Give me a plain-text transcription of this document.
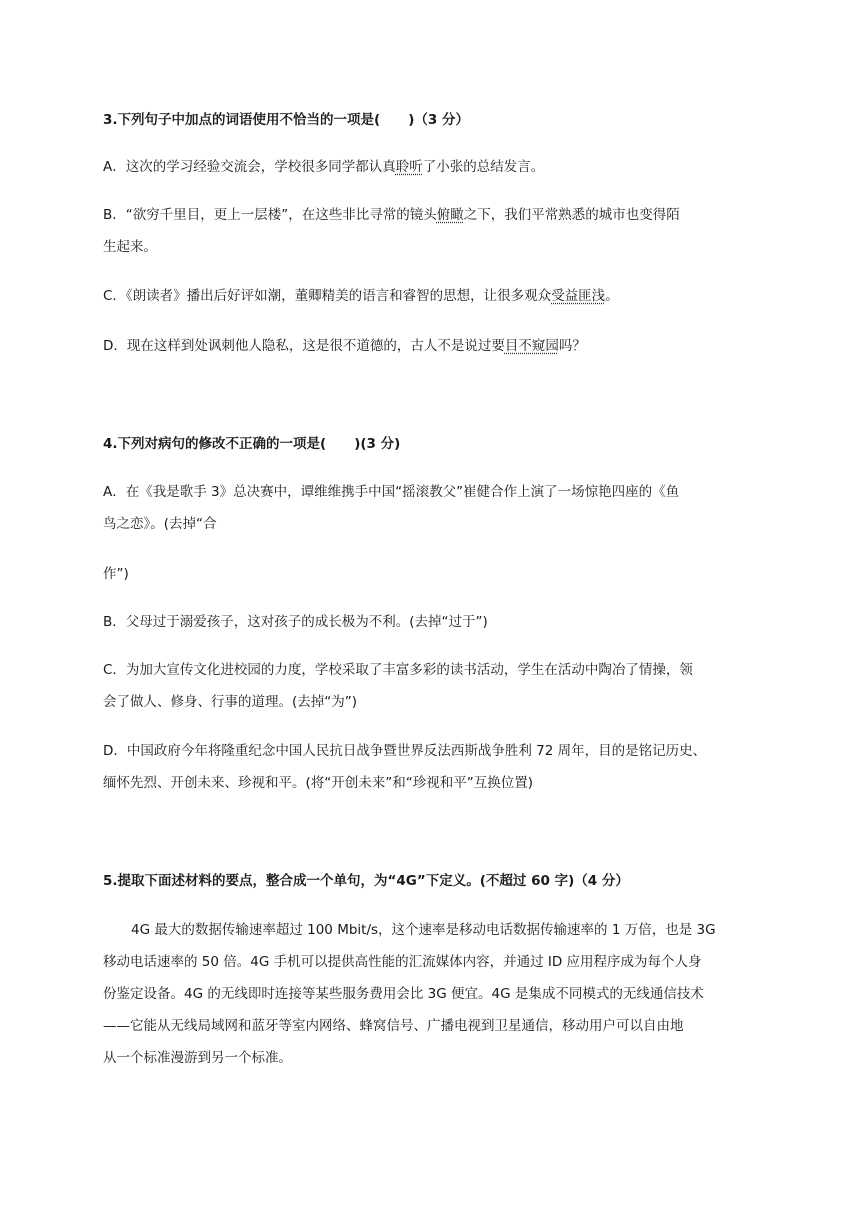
3.下列句子中加点的词语使用不恰当的一项是( )（3 分）
A．这次的学习经验交流会，学校很多同学都认真聆听了小张的总结发言。
B．“欲穷千里目，更上一层楼”，在这些非比寻常的镜头俯瞰之下，我们平常熟悉的城市也变得陌
生起来。
C．《朗读者》播出后好评如潮，董卿精美的语言和睿智的思想，让很多观众受益匪浅。
D．现在这样到处讽刺他人隐私，这是很不道德的，古人不是说过要目不窥园吗？
4.下列对病句的修改不正确的一项是( )(3 分)
A．在《我是歌手 3》总决赛中，谭维维携手中国“摇滚教父”崔健合作上演了一场惊艳四座的《鱼
鸟之恋》。(去掉“合
作”)
B．父母过于溺爱孩子，这对孩子的成长极为不利。(去掉“过于”)
C．为加大宣传文化进校园的力度，学校采取了丰富多彩的读书活动，学生在活动中陶冶了情操，领
会了做人、修身、行事的道理。(去掉“为”)
D．中国政府今年将隆重纪念中国人民抗日战争暨世界反法西斯战争胜利 72 周年，目的是铭记历史、
缅怀先烈、开创未来、珍视和平。(将“开创未来”和“珍视和平”互换位置)
5.提取下面述材料的要点，整合成一个单句，为“4G”下定义。(不超过 60 字)（4 分）
4G 最大的数据传输速率超过 100 Mbit/s，这个速率是移动电话数据传输速率的 1 万倍，也是 3G
移动电话速率的 50 倍。4G 手机可以提供高性能的汇流媒体内容，并通过 ID 应用程序成为每个人身
份鉴定设备。4G 的无线即时连接等某些服务费用会比 3G 便宜。4G 是集成不同模式的无线通信技术
——它能从无线局域网和蓝牙等室内网络、蜂窝信号、广播电视到卫星通信，移动用户可以自由地
从一个标准漫游到另一个标准。
